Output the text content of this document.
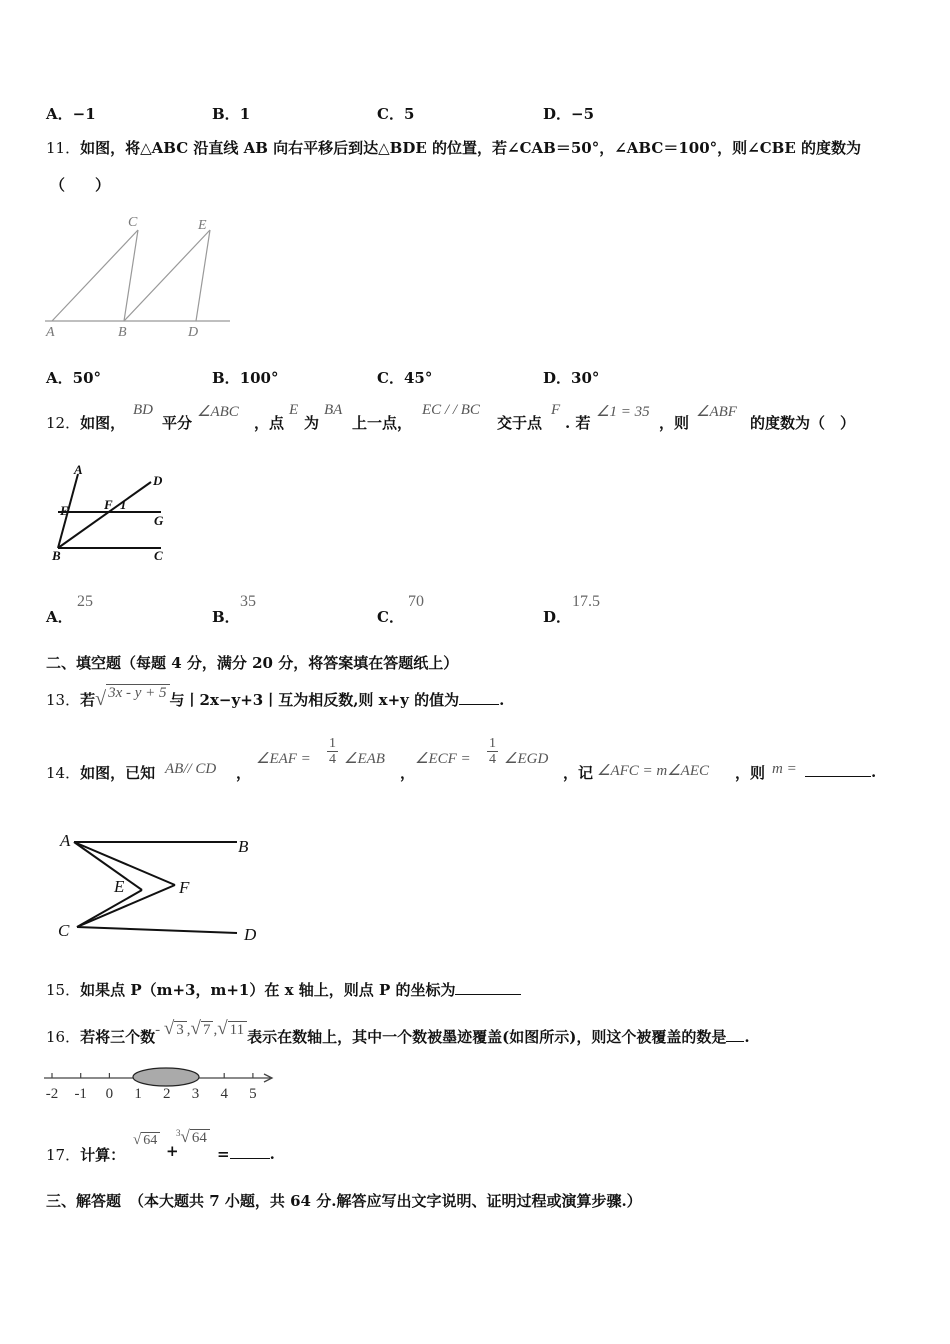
A．−1	B．1	C．5	D．−5
11．如图，将△ABC 沿直线 AB 向右平移后到达△BDE 的位置，若∠CAB＝50°，∠ABC＝100°，则∠CBE 的度数为
（　　）
C	E
A	B	D
A．50°	B．100°	C．45°	D．30°
12．如图，
BD
平分
∠ABC
，点
E
为
BA
上一点，
EC / / BC
交于点
F
. 若
∠1 = 35
，则
∠ABF
的度数为（　）
A
D
E	F 1
G
B	C
A．
25
B．
35
C．
70
D．
17.5
二、填空题（每题 4 分，满分 20 分，将答案填在答题纸上）
13．若√ 3x - y + 5 与丨2x−y+3丨互为相反数,则 x+y 的值为	.
14．如图，已知 AB// CD ，
∠EAF = $\frac{1}{4}$ ∠EAB
，
∠ECF = $\frac{1}{4}$ ∠EGD
，记 ∠AFC = m∠AEC ，则 m =	.
A	B
E	F
C	D
15．如果点 P（m+3，m+1）在 x 轴上，则点 P 的坐标为
16．若将三个数- √ 3 ,√ 7 ,√ 11 表示在数轴上，其中一个数被墨迹覆盖(如图所示)，则这个被覆盖的数是 .
-2 -1 0 1 2 3 4 5
17．计算：
√ 64
+
$^3$√ 64
=	.
三、解答题 （本大题共 7 小题，共 64 分.解答应写出文字说明、证明过程或演算步骤.）
